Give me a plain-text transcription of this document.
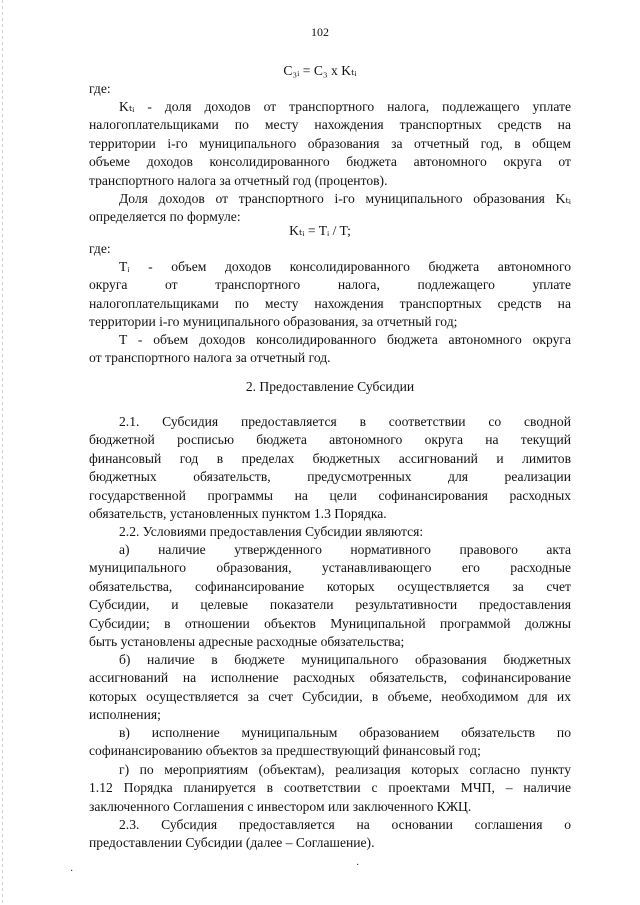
102
C₃ᵢ = C₃ x Kₜᵢ
где:
Kₜᵢ - доля доходов от транспортного налога, подлежащего уплате
налогоплательщиками по месту нахождения транспортных средств на
территории i-го муниципального образования за отчетный год, в общем
объеме доходов консолидированного бюджета автономного округа от
транспортного налога за отчетный год (процентов).
Доля доходов от транспортного i-го муниципального образования Kₜᵢ
определяется по формуле:
Kₜᵢ = Tᵢ / T;
где:
Tᵢ - объем доходов консолидированного бюджета автономного
округа от транспортного налога, подлежащего уплате
налогоплательщиками по месту нахождения транспортных средств на
территории i-го муниципального образования, за отчетный год;
T - объем доходов консолидированного бюджета автономного округа
от транспортного налога за отчетный год.
2. Предоставление Субсидии
2.1. Субсидия предоставляется в соответствии со сводной
бюджетной росписью бюджета автономного округа на текущий
финансовый год в пределах бюджетных ассигнований и лимитов
бюджетных обязательств, предусмотренных для реализации
государственной программы на цели софинансирования расходных
обязательств, установленных пунктом 1.3 Порядка.
2.2. Условиями предоставления Субсидии являются:
а) наличие утвержденного нормативного правового акта
муниципального образования, устанавливающего его расходные
обязательства, софинансирование которых осуществляется за счет
Субсидии, и целевые показатели результативности предоставления
Субсидии; в отношении объектов Муниципальной программой должны
быть установлены адресные расходные обязательства;
б) наличие в бюджете муниципального образования бюджетных
ассигнований на исполнение расходных обязательств, софинансирование
которых осуществляется за счет Субсидии, в объеме, необходимом для их
исполнения;
в) исполнение муниципальным образованием обязательств по
софинансированию объектов за предшествующий финансовый год;
г) по мероприятиям (объектам), реализация которых согласно пункту
1.12 Порядка планируется в соответствии с проектами МЧП, – наличие
заключенного Соглашения с инвестором или заключенного КЖЦ.
2.3. Субсидия предоставляется на основании соглашения о
предоставлении Субсидии (далее – Соглашение).
·
·
